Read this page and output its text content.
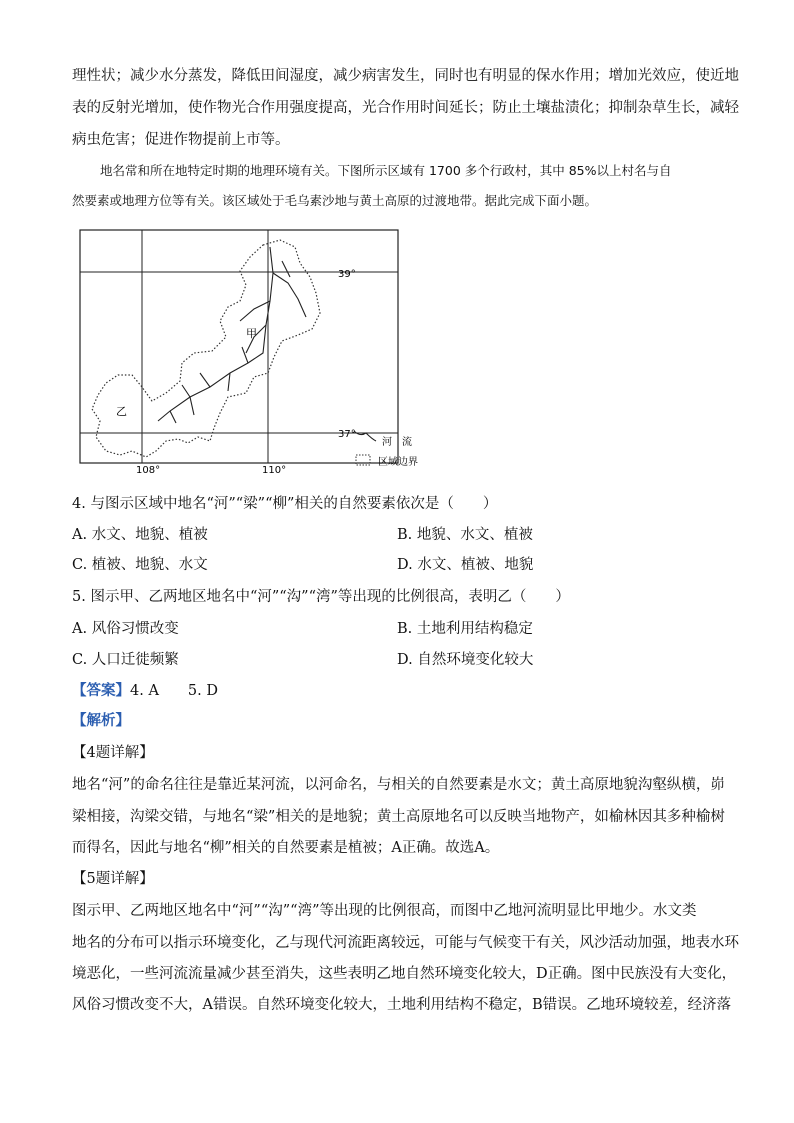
理性状；减少水分蒸发，降低田间湿度，减少病害发生，同时也有明显的保水作用；增加光效应，使近地
表的反射光增加，使作物光合作用强度提高，光合作用时间延长；防止土壤盐渍化；抑制杂草生长，减轻
病虫危害；促进作物提前上市等。
地名常和所在地特定时期的地理环境有关。下图所示区域有 1700 多个行政村，其中 85%以上村名与自
然要素或地理方位等有关。该区域处于毛乌素沙地与黄土高原的过渡地带。据此完成下面小题。
甲
乙
39°
37°
108°	110°
河　流
区域边界
4. 与图示区域中地名“河”“梁”“柳”相关的自然要素依次是（　　）
A. 水文、地貌、植被	B. 地貌、水文、植被
C. 植被、地貌、水文	D. 水文、植被、地貌
5. 图示甲、乙两地区地名中“河”“沟”“湾”等出现的比例很高，表明乙（　　）
A. 风俗习惯改变	B. 土地利用结构稳定
C. 人口迁徙频繁	D. 自然环境变化较大
【答案】4. A　　5. D
【解析】
【4题详解】
地名“河”的命名往往是靠近某河流，以河命名，与相关的自然要素是水文；黄土高原地貌沟壑纵横，峁
梁相接，沟梁交错，与地名“梁”相关的是地貌；黄土高原地名可以反映当地物产，如榆林因其多种榆树
而得名，因此与地名“柳”相关的自然要素是植被；A正确。故选A。
【5题详解】
图示甲、乙两地区地名中“河”“沟”“湾”等出现的比例很高，而图中乙地河流明显比甲地少。水文类
地名的分布可以指示环境变化，乙与现代河流距离较远，可能与气候变干有关，风沙活动加强，地表水环
境恶化，一些河流流量减少甚至消失，这些表明乙地自然环境变化较大，D正确。图中民族没有大变化，
风俗习惯改变不大，A错误。自然环境变化较大，土地利用结构不稳定，B错误。乙地环境较差，经济落
